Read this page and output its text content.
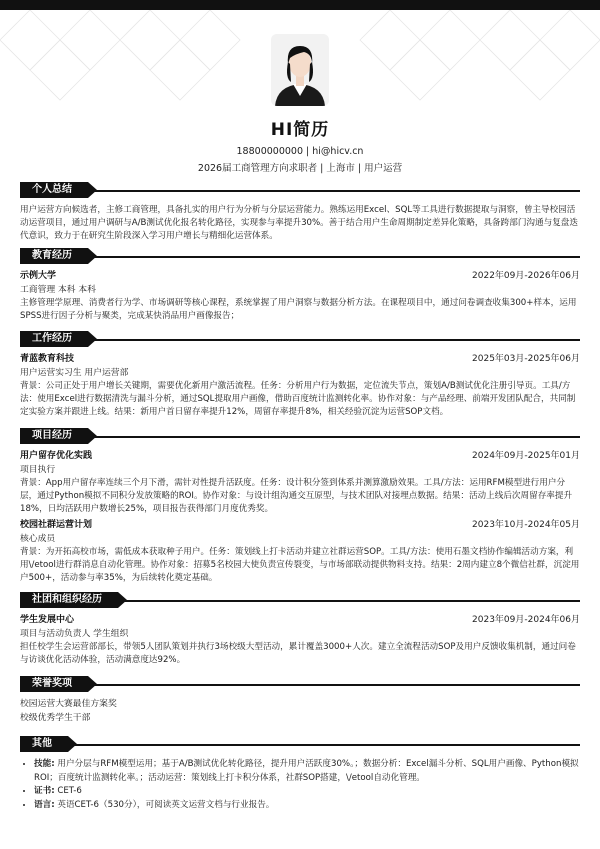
HI简历
18800000000 | hi@hicv.cn
2026届工商管理方向求职者 | 上海市 | 用户运营
个人总结

用户运营方向候选者，主修工商管理，具备扎实的用户行为分析与分层运营能力。熟练运用Excel、SQL等工具进行数据提取与洞察，曾主导校园活动运营项目，通过用户调研与A/B测试优化报名转化路径，实现参与率提升30%。善于结合用户生命周期制定差异化策略，具备跨部门沟通与复盘迭代意识，致力于在研究生阶段深入学习用户增长与精细化运营体系。

教育经历
示例大学	2022年09月-2026年06月
工商管理 本科 本科

主修管理学原理、消费者行为学、市场调研等核心课程，系统掌握了用户洞察与数据分析方法。在课程项目中，通过问卷调查收集300+样本，运用SPSS进行因子分析与聚类，完成某快消品用户画像报告；

工作经历
青蓝教育科技	2025年03月-2025年06月
用户运营实习生 用户运营部

背景：公司正处于用户增长关键期，需要优化新用户激活流程。任务：分析用户行为数据，定位流失节点，策划A/B测试优化注册引导页。工具/方法：使用Excel进行数据清洗与漏斗分析，通过SQL提取用户画像，借助百度统计监测转化率。协作对象：与产品经理、前端开发团队配合，共同制定实验方案并跟进上线。结果：新用户首日留存率提升12%，周留存率提升8%，相关经验沉淀为运营SOP文档。

项目经历
用户留存优化实践	2024年09月-2025年01月
项目执行

背景：App用户留存率连续三个月下滑，需针对性提升活跃度。任务：设计积分签到体系并测算激励效果。工具/方法：运用RFM模型进行用户分层，通过Python模拟不同积分发放策略的ROI。协作对象：与设计组沟通交互原型，与技术团队对接埋点数据。结果：活动上线后次周留存率提升18%，日均活跃用户数增长25%，项目报告获得部门月度优秀奖。

校园社群运营计划	2023年10月-2024年05月
核心成员

背景：为开拓高校市场，需低成本获取种子用户。任务：策划线上打卡活动并建立社群运营SOP。工具/方法：使用石墨文档协作编辑活动方案，利用\/etool进行群消息自动化管理。协作对象：招募5名校园大使负责宣传裂变，与市场部联动提供物料支持。结果：2周内建立8个微信社群，沉淀用户500+，活动参与率35%，为后续转化奠定基础。

社团和组织经历
学生发展中心	2023年09月-2024年06月
项目与活动负责人 学生组织

担任校学生会运营部部长，带领5人团队策划并执行3场校级大型活动，累计覆盖3000+人次。建立全流程活动SOP及用户反馈收集机制，通过问卷与访谈优化活动体验，活动满意度达92%。

荣誉奖项
校园运营大赛最佳方案奖
校级优秀学生干部
其他
• 技能: 用户分层与RFM模型运用；基于A/B测试优化转化路径，提升用户活跃度30%。；数据分析：Excel漏斗分析、SQL用户画像、Python模拟ROI；百度统计监测转化率。；活动运营：策划线上打卡积分体系，社群SOP搭建，\/etool自动化管理。
• 证书: CET-6
• 语言: 英语CET-6（530分），可阅读英文运营文档与行业报告。
